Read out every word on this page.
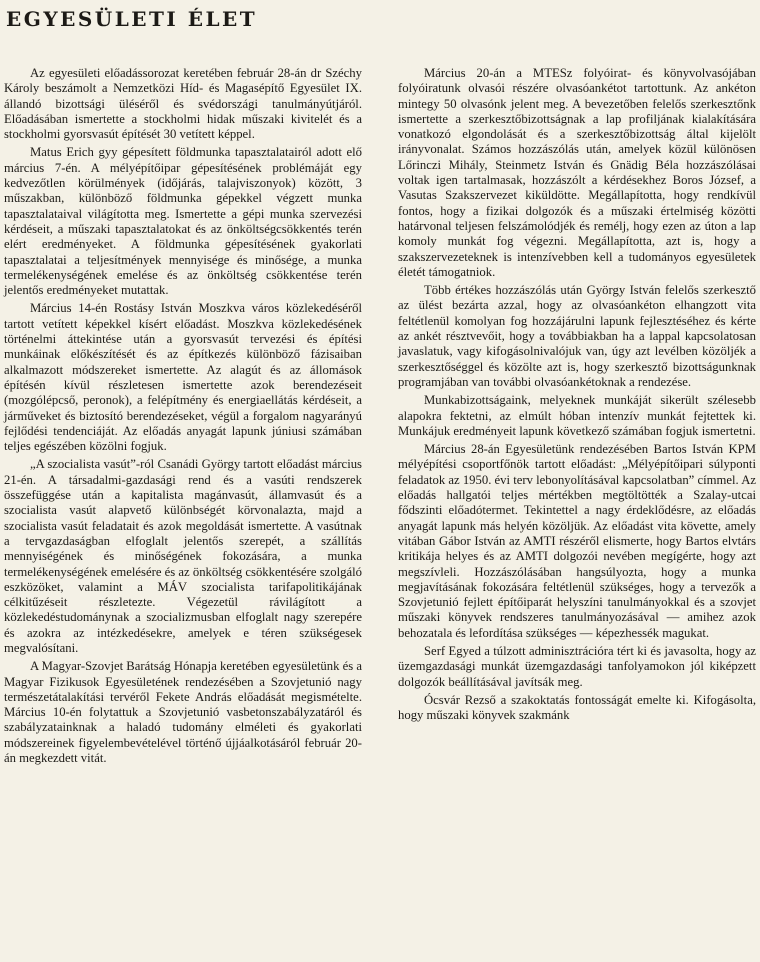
EGYESÜLETI ÉLET

Az egyesületi előadássorozat keretében február 28-án dr Széchy Károly beszámolt a Nemzetközi Híd- és Magasépítő Egyesület IX. állandó bizottsági üléséről és svédországi tanulmányútjáról. Előadásában ismertette a stockholmi hidak műszaki kivitelét és a stockholmi gyorsvasút építését 30 vetített képpel.

Matus Erich gyy gépesített földmunka tapasztalatairól adott elő március 7-én. A mélyépítőipar gépesítésének problémáját egy kedvezőtlen körülmények (időjárás, talajviszonyok) között, 3 műszakban, különböző földmunka gépekkel végzett munka tapasztalataival világította meg. Ismertette a gépi munka szervezési kérdéseit, a műszaki tapasztalatokat és az önköltségcsökkentés terén elért eredményeket. A földmunka gépesítésének gyakorlati tapasztalatai a teljesítmények mennyisége és minősége, a munka termelékenységének emelése és az önköltség csökkentése terén jelentős eredményeket mutattak.

Március 14-én Rostásy István Moszkva város közlekedéséről tartott vetített képekkel kísért előadást. Moszkva közlekedésének történelmi áttekintése után a gyorsvasút tervezési és építési munkáinak előkészítését és az építkezés különböző fázisaiban alkalmazott módszereket ismertette. Az alagút és az állomások építésén kívül részletesen ismertette azok berendezéseit (mozgólépcső, peronok), a felépítmény és energiaellátás kérdéseit, a járműveket és biztosító berendezéseket, végül a forgalom nagyarányú fejlődési tendenciáját. Az előadás anyagát lapunk júniusi számában teljes egészében közölni fogjuk.

„A szocialista vasút”-ról Csanádi György tartott előadást március 21-én. A társadalmi-gazdasági rend és a vasúti rendszerek összefüggése után a kapitalista magánvasút, államvasút és a szocialista vasút alapvető különbségét körvonalazta, majd a szocialista vasút feladatait és azok megoldását ismertette. A vasútnak a tervgazdaságban elfoglalt jelentős szerepét, a szállítás mennyiségének és minőségének fokozására, a munka termelékenységének emelésére és az önköltség csökkentésére szolgáló eszközöket, valamint a MÁV szocialista tarifapolitikájának célkitűzéseit részletezte. Végezetül rávilágított a közlekedéstudománynak a szocializmusban elfoglalt nagy szerepére és azokra az intézkedésekre, amelyek e téren szükségesek megvalósítani.

A Magyar-Szovjet Barátság Hónapja keretében egyesületünk és a Magyar Fizikusok Egyesületének rendezésében a Szovjetunió nagy természetátalakítási tervéről Fekete András előadását megismételte. Március 10-én folytattuk a Szovjetunió vasbetonszabályzatáról és szabályzatainknak a haladó tudomány elméleti és gyakorlati módszereinek figyelembevételével történő újjáalkotásáról február 20-án megkezdett vitát.

Március 20-án a MTESz folyóirat- és könyvolvasójában folyóiratunk olvasói részére olvasóankétot tartottunk. Az ankéton mintegy 50 olvasónk jelent meg. A bevezetőben felelős szerkesztőnk ismertette a szerkesztőbizottságnak a lap profiljának kialakítására vonatkozó elgondolását és a szerkesztőbizottság által kijelölt irányvonalat. Számos hozzászólás után, amelyek közül különösen Lőrinczi Mihály, Steinmetz István és Gnädig Béla hozzászólásai voltak igen tartalmasak, hozzászólt a kérdésekhez Boros József, a Vasutas Szakszervezet kiküldötte. Megállapította, hogy rendkívül fontos, hogy a fizikai dolgozók és a műszaki értelmiség közötti határvonal teljesen felszámolódjék és remélj, hogy ezen az úton a lap komoly munkát fog végezni. Megállapította, azt is, hogy a szakszervezeteknek is intenzívebben kell a tudományos egyesületek életét támogatniok.

Több értékes hozzászólás után György István felelős szerkesztő az ülést bezárta azzal, hogy az olvasóankéton elhangzott vita feltétlenül komolyan fog hozzájárulni lapunk fejlesztéséhez és kérte az ankét résztvevőit, hogy a továbbiakban ha a lappal kapcsolatosan javaslatuk, vagy kifogásolnivalójuk van, úgy azt levélben közöljék a szerkesztőséggel és közölte azt is, hogy szerkesztő bizottságunknak programjában van további olvasóankétoknak a rendezése.

Munkabizottságaink, melyeknek munkáját sikerült szélesebb alapokra fektetni, az elmúlt hóban intenzív munkát fejtettek ki. Munkájuk eredményeit lapunk következő számában fogjuk ismertetni.

Március 28-án Egyesületünk rendezésében Bartos István KPM mélyépítési csoportfőnök tartott előadást: „Mélyépítőipari súlyponti feladatok az 1950. évi terv lebonyolításával kapcsolatban” címmel. Az előadás hallgatói teljes mértékben megtöltötték a Szalay-utcai fődszinti előadótermet. Tekintettel a nagy érdeklődésre, az előadás anyagát lapunk más helyén közöljük. Az előadást vita követte, amely vitában Gábor István az AMTI részéről elismerte, hogy Bartos elvtárs kritikája helyes és az AMTI dolgozói nevében megígérte, hogy azt megszívleli. Hozzászólásában hangsúlyozta, hogy a munka megjavításának fokozására feltétlenül szükséges, hogy a tervezők a Szovjetunió fejlett építőiparát helyszíni tanulmányokkal és a szovjet műszaki könyvek rendszeres tanulmányozásával — amihez azok behozatala és lefordítása szükséges — képezhessék magukat.

Serf Egyed a túlzott adminisztrációra tért ki és javasolta, hogy az üzemgazdasági munkát üzemgazdasági tanfolyamokon jól kiképzett dolgozók beállításával javítsák meg.

Ócsvár Rezső a szakoktatás fontosságát emelte ki. Kifogásolta, hogy műszaki könyvek szakmánk
